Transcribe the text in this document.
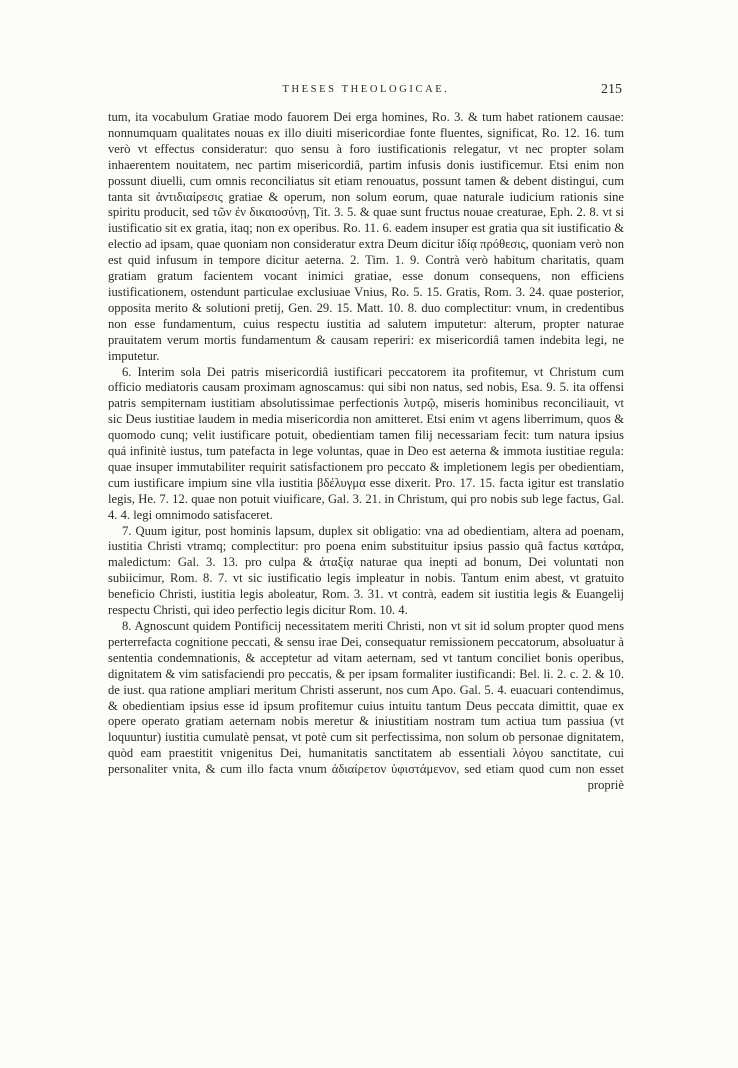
THESES THEOLOGICAE.	215

tum, ita vocabulum Gratiae modo fauorem Dei erga homines, Ro. 3. & tum habet rationem causae: nonnumquam qualitates nouas ex illo diuiti misericordiae fonte fluentes, significat, Ro. 12. 16. tum verò vt effectus consideratur: quo sensu à foro iustificationis relegatur, vt nec propter solam inhaerentem nouitatem, nec partim misericordiâ, partim infusis donis iustificemur. Etsi enim non possunt diuelli, cum omnis reconciliatus sit etiam renouatus, possunt tamen & debent distingui, cum tanta sit ἀντιδιαίρεσις gratiae & operum, non solum eorum, quae naturale iudicium rationis sine spiritu producit, sed τῶν ἐν δικαιοσύνῃ, Tit. 3. 5. & quae sunt fructus nouae creaturae, Eph. 2. 8. vt si iustificatio sit ex gratia, itaq; non ex operibus. Ro. 11. 6. eadem insuper est gratia qua sit iustificatio & electio ad ipsam, quae quoniam non consideratur extra Deum dicitur ἰδίᾳ πρόθεσις, quoniam verò non est quid infusum in tempore dicitur aeterna. 2. Tim. 1. 9. Contrà verò habitum charitatis, quam gratiam gratum facientem vocant inimici gratiae, esse donum consequens, non efficiens iustificationem, ostendunt particulae exclusiuae Vnius, Ro. 5. 15. Gratis, Rom. 3. 24. quae posterior, opposita merito & solutioni pretij, Gen. 29. 15. Matt. 10. 8. duo complectitur: vnum, in credentibus non esse fundamentum, cuius respectu iustitia ad salutem imputetur: alterum, propter naturae prauitatem verum mortis fundamentum & causam reperiri: ex misericordiâ tamen indebita legi, ne imputetur.

6. Interim sola Dei patris misericordiâ iustificari peccatorem ita profitemur, vt Christum cum officio mediatoris causam proximam agnoscamus: qui sibi non natus, sed nobis, Esa. 9. 5. ita offensi patris sempiternam iustitiam absolutissimae perfectionis λυτρῷ, miseris hominibus reconciliauit, vt sic Deus iustitiae laudem in media misericordia non amitteret. Etsi enim vt agens liberrimum, quos & quomodo cunq; velit iustificare potuit, obedientiam tamen filij necessariam fecit: tum natura ipsius quá infinitè iustus, tum patefacta in lege voluntas, quae in Deo est aeterna & immota iustitiae regula: quae insuper immutabiliter requirit satisfactionem pro peccato & impletionem legis per obedientiam, cum iustificare impium sine vlla iustitia βδέλυγμα esse dixerit. Pro. 17. 15. facta igitur est translatio legis, He. 7. 12. quae non potuit viuificare, Gal. 3. 21. in Christum, qui pro nobis sub lege factus, Gal. 4. 4. legi omnimodo satisfaceret.

7. Quum igitur, post hominis lapsum, duplex sit obligatio: vna ad obedientiam, altera ad poenam, iustitia Christi vtramq; complectitur: pro poena enim substituitur ipsius passio quâ factus κατάρα, maledictum: Gal. 3. 13. pro culpa & ἀταξίᾳ naturae qua inepti ad bonum, Dei voluntati non subiicimur, Rom. 8. 7. vt sic iustificatio legis impleatur in nobis. Tantum enim abest, vt gratuito beneficio Christi, iustitia legis aboleatur, Rom. 3. 31. vt contrà, eadem sit iustitia legis & Euangelij respectu Christi, qui ideo perfectio legis dicitur Rom. 10. 4.

8. Agnoscunt quidem Pontificij necessitatem meriti Christi, non vt sit id solum propter quod mens perterrefacta cognitione peccati, & sensu irae Dei, consequatur remissionem peccatorum, absoluatur à sententia condemnationis, & acceptetur ad vitam aeternam, sed vt tantum conciliet bonis operibus, dignitatem & vim satisfaciendi pro peccatis, & per ipsam formaliter iustificandi: Bel. li. 2. c. 2. & 10. de iust. qua ratione ampliari meritum Christi asserunt, nos cum Apo. Gal. 5. 4. euacuari contendimus, & obedientiam ipsius esse id ipsum profitemur cuius intuitu tantum Deus peccata dimittit, quae ex opere operato gratiam aeternam nobis meretur & iniustitiam nostram tum actiua tum passiua (vt loquuntur) iustitia cumulatè pensat, vt potè cum sit perfectissima, non solum ob personae dignitatem, quòd eam praestitit vnigenitus Dei, humanitatis sanctitatem ab essentiali λόγου sanctitate, cui personaliter vnita, & cum illo facta vnum ἀδιαίρετον ὑφιστάμενον, sed etiam quod cum non esset propriè
